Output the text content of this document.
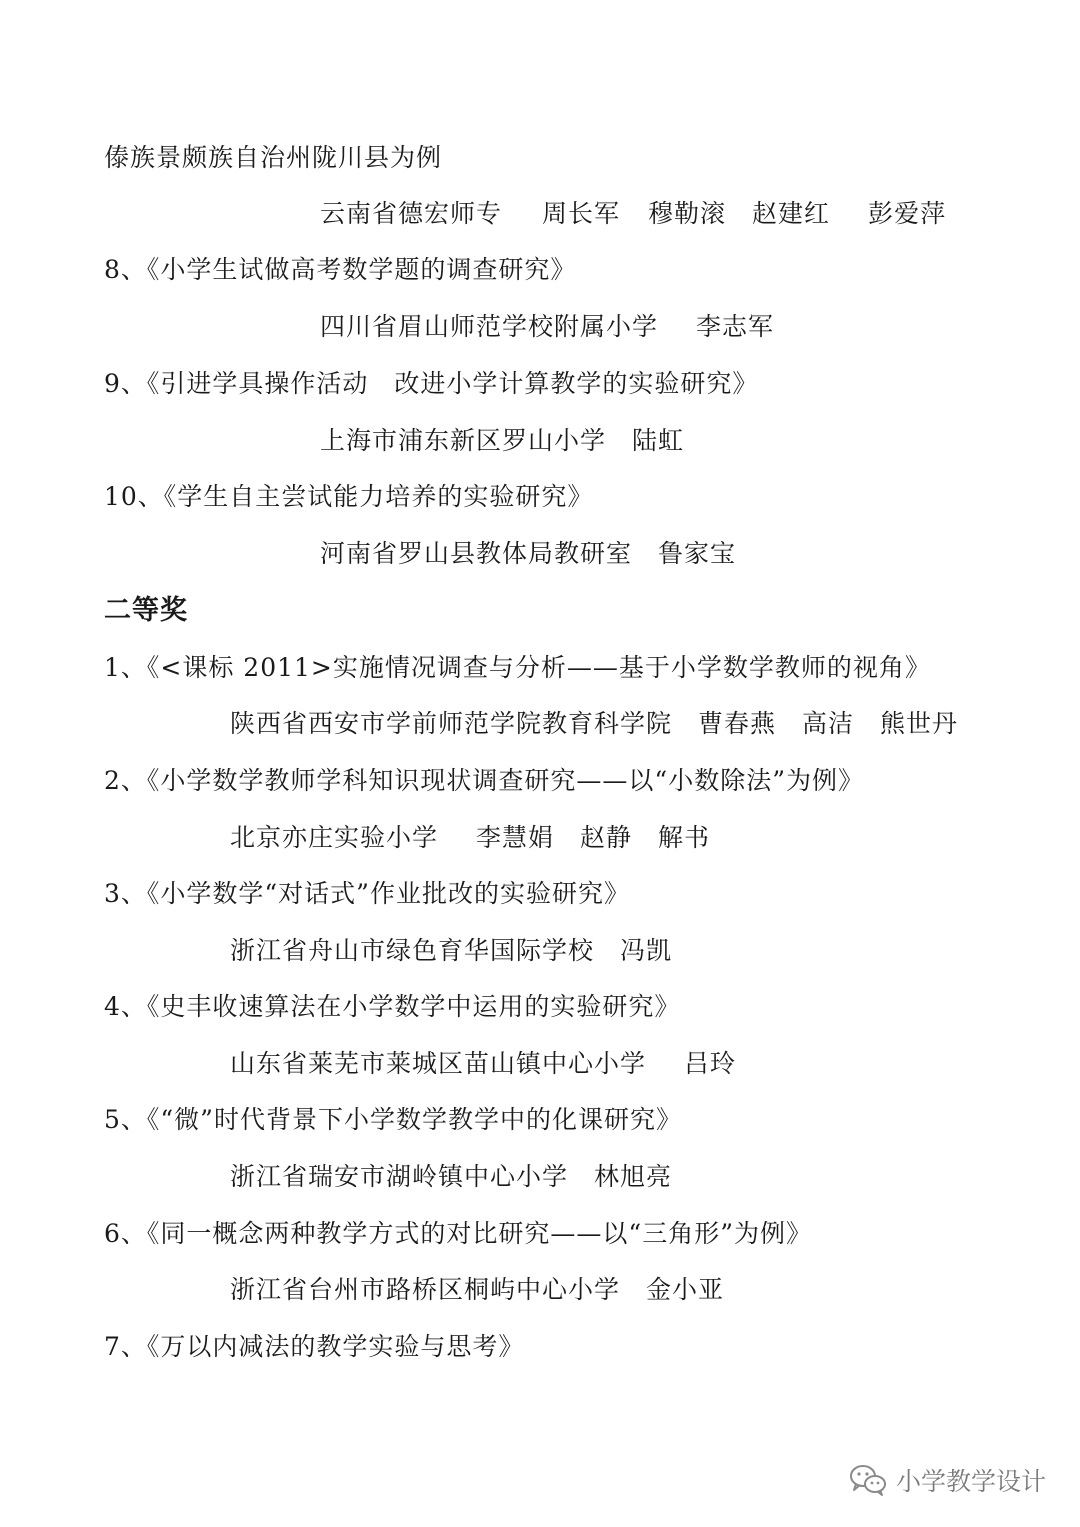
傣族景颇族自治州陇川县为例
云南省德宏师专 周长军 穆勒滚 赵建红 彭爱萍
8、《小学生试做高考数学题的调查研究》
四川省眉山师范学校附属小学 李志军
9、《引进学具操作活动 改进小学计算教学的实验研究》
上海市浦东新区罗山小学 陆虹
10、《学生自主尝试能力培养的实验研究》
河南省罗山县教体局教研室 鲁家宝
二等奖
1、《<课标 2011>实施情况调查与分析——基于小学数学教师的视角》
陕西省西安市学前师范学院教育科学院 曹春燕 高洁 熊世丹
2、《小学数学教师学科知识现状调查研究——以“小数除法”为例》
北京亦庄实验小学 李慧娟 赵静 解书
3、《小学数学“对话式”作业批改的实验研究》
浙江省舟山市绿色育华国际学校 冯凯
4、《史丰收速算法在小学数学中运用的实验研究》
山东省莱芜市莱城区苗山镇中心小学 吕玲
5、《“微”时代背景下小学数学教学中的化课研究》
浙江省瑞安市湖岭镇中心小学 林旭亮
6、《同一概念两种教学方式的对比研究——以“三角形”为例》
浙江省台州市路桥区桐屿中心小学 金小亚
7、《万以内减法的教学实验与思考》
小学教学设计
